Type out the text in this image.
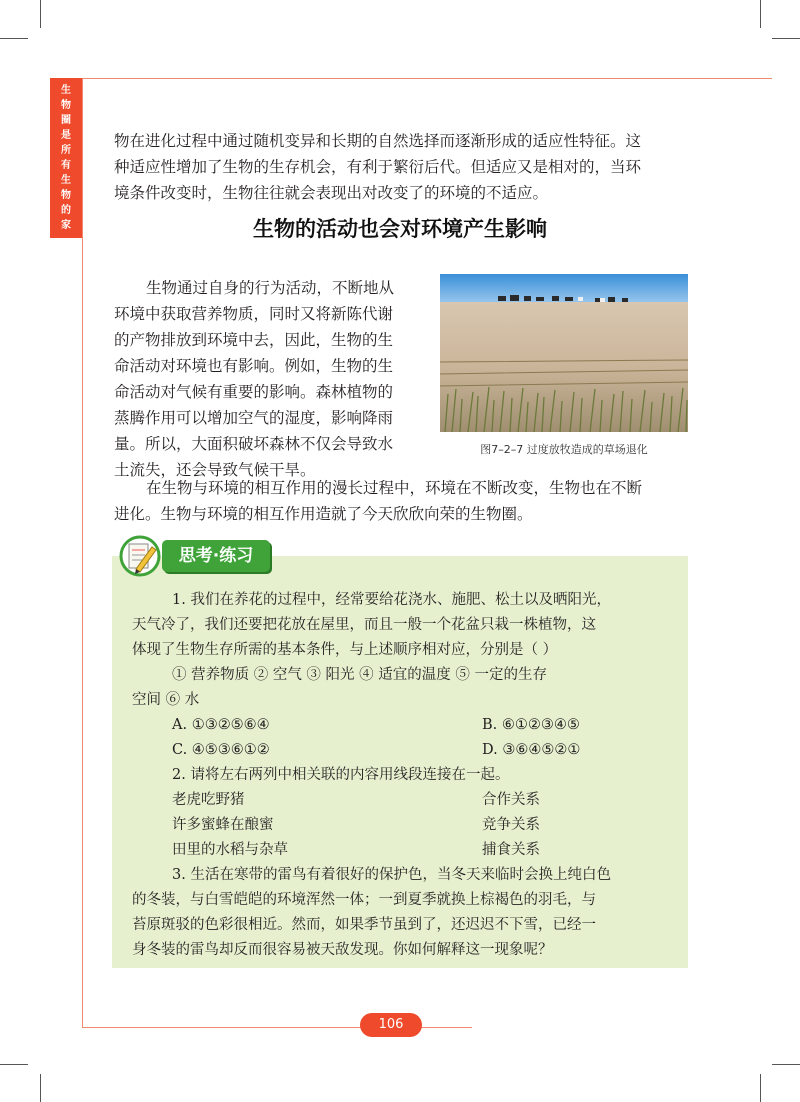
生
物
圈
是
所
有
生
物
的
家

物在进化过程中通过随机变异和长期的自然选择而逐渐形成的适应性特征。这

种适应性增加了生物的生存机会，有利于繁衍后代。但适应又是相对的，当环

境条件改变时，生物往往就会表现出对改变了的环境的不适应。

生物的活动也会对环境产生影响

生物通过自身的行为活动，不断地从

环境中获取营养物质，同时又将新陈代谢

的产物排放到环境中去，因此，生物的生

命活动对环境也有影响。例如，生物的生

命活动对气候有重要的影响。森林植物的

蒸腾作用可以增加空气的湿度，影响降雨

量。所以，大面积破坏森林不仅会导致水

土流失，还会导致气候干旱。

图7–2–7 过度放牧造成的草场退化

在生物与环境的相互作用的漫长过程中，环境在不断改变，生物也在不断

进化。生物与环境的相互作用造就了今天欣欣向荣的生物圈。

思考·练习

1. 我们在养花的过程中，经常要给花浇水、施肥、松土以及晒阳光，

天气冷了，我们还要把花放在屋里，而且一般一个花盆只栽一株植物，这

体现了生物生存所需的基本条件，与上述顺序相对应，分别是（ ）

① 营养物质 ② 空气 ③ 阳光 ④ 适宜的温度 ⑤ 一定的生存

空间 ⑥ 水

A. ①③②⑤⑥④	B. ⑥①②③④⑤

C. ④⑤③⑥①②	D. ③⑥④⑤②①

2. 请将左右两列中相关联的内容用线段连接在一起。

老虎吃野猪	合作关系

许多蜜蜂在酿蜜	竞争关系

田里的水稻与杂草	捕食关系

3. 生活在寒带的雷鸟有着很好的保护色，当冬天来临时会换上纯白色

的冬装，与白雪皑皑的环境浑然一体；一到夏季就换上棕褐色的羽毛，与

苔原斑驳的色彩很相近。然而，如果季节虽到了，还迟迟不下雪，已经一

身冬装的雷鸟却反而很容易被天敌发现。你如何解释这一现象呢？

106
